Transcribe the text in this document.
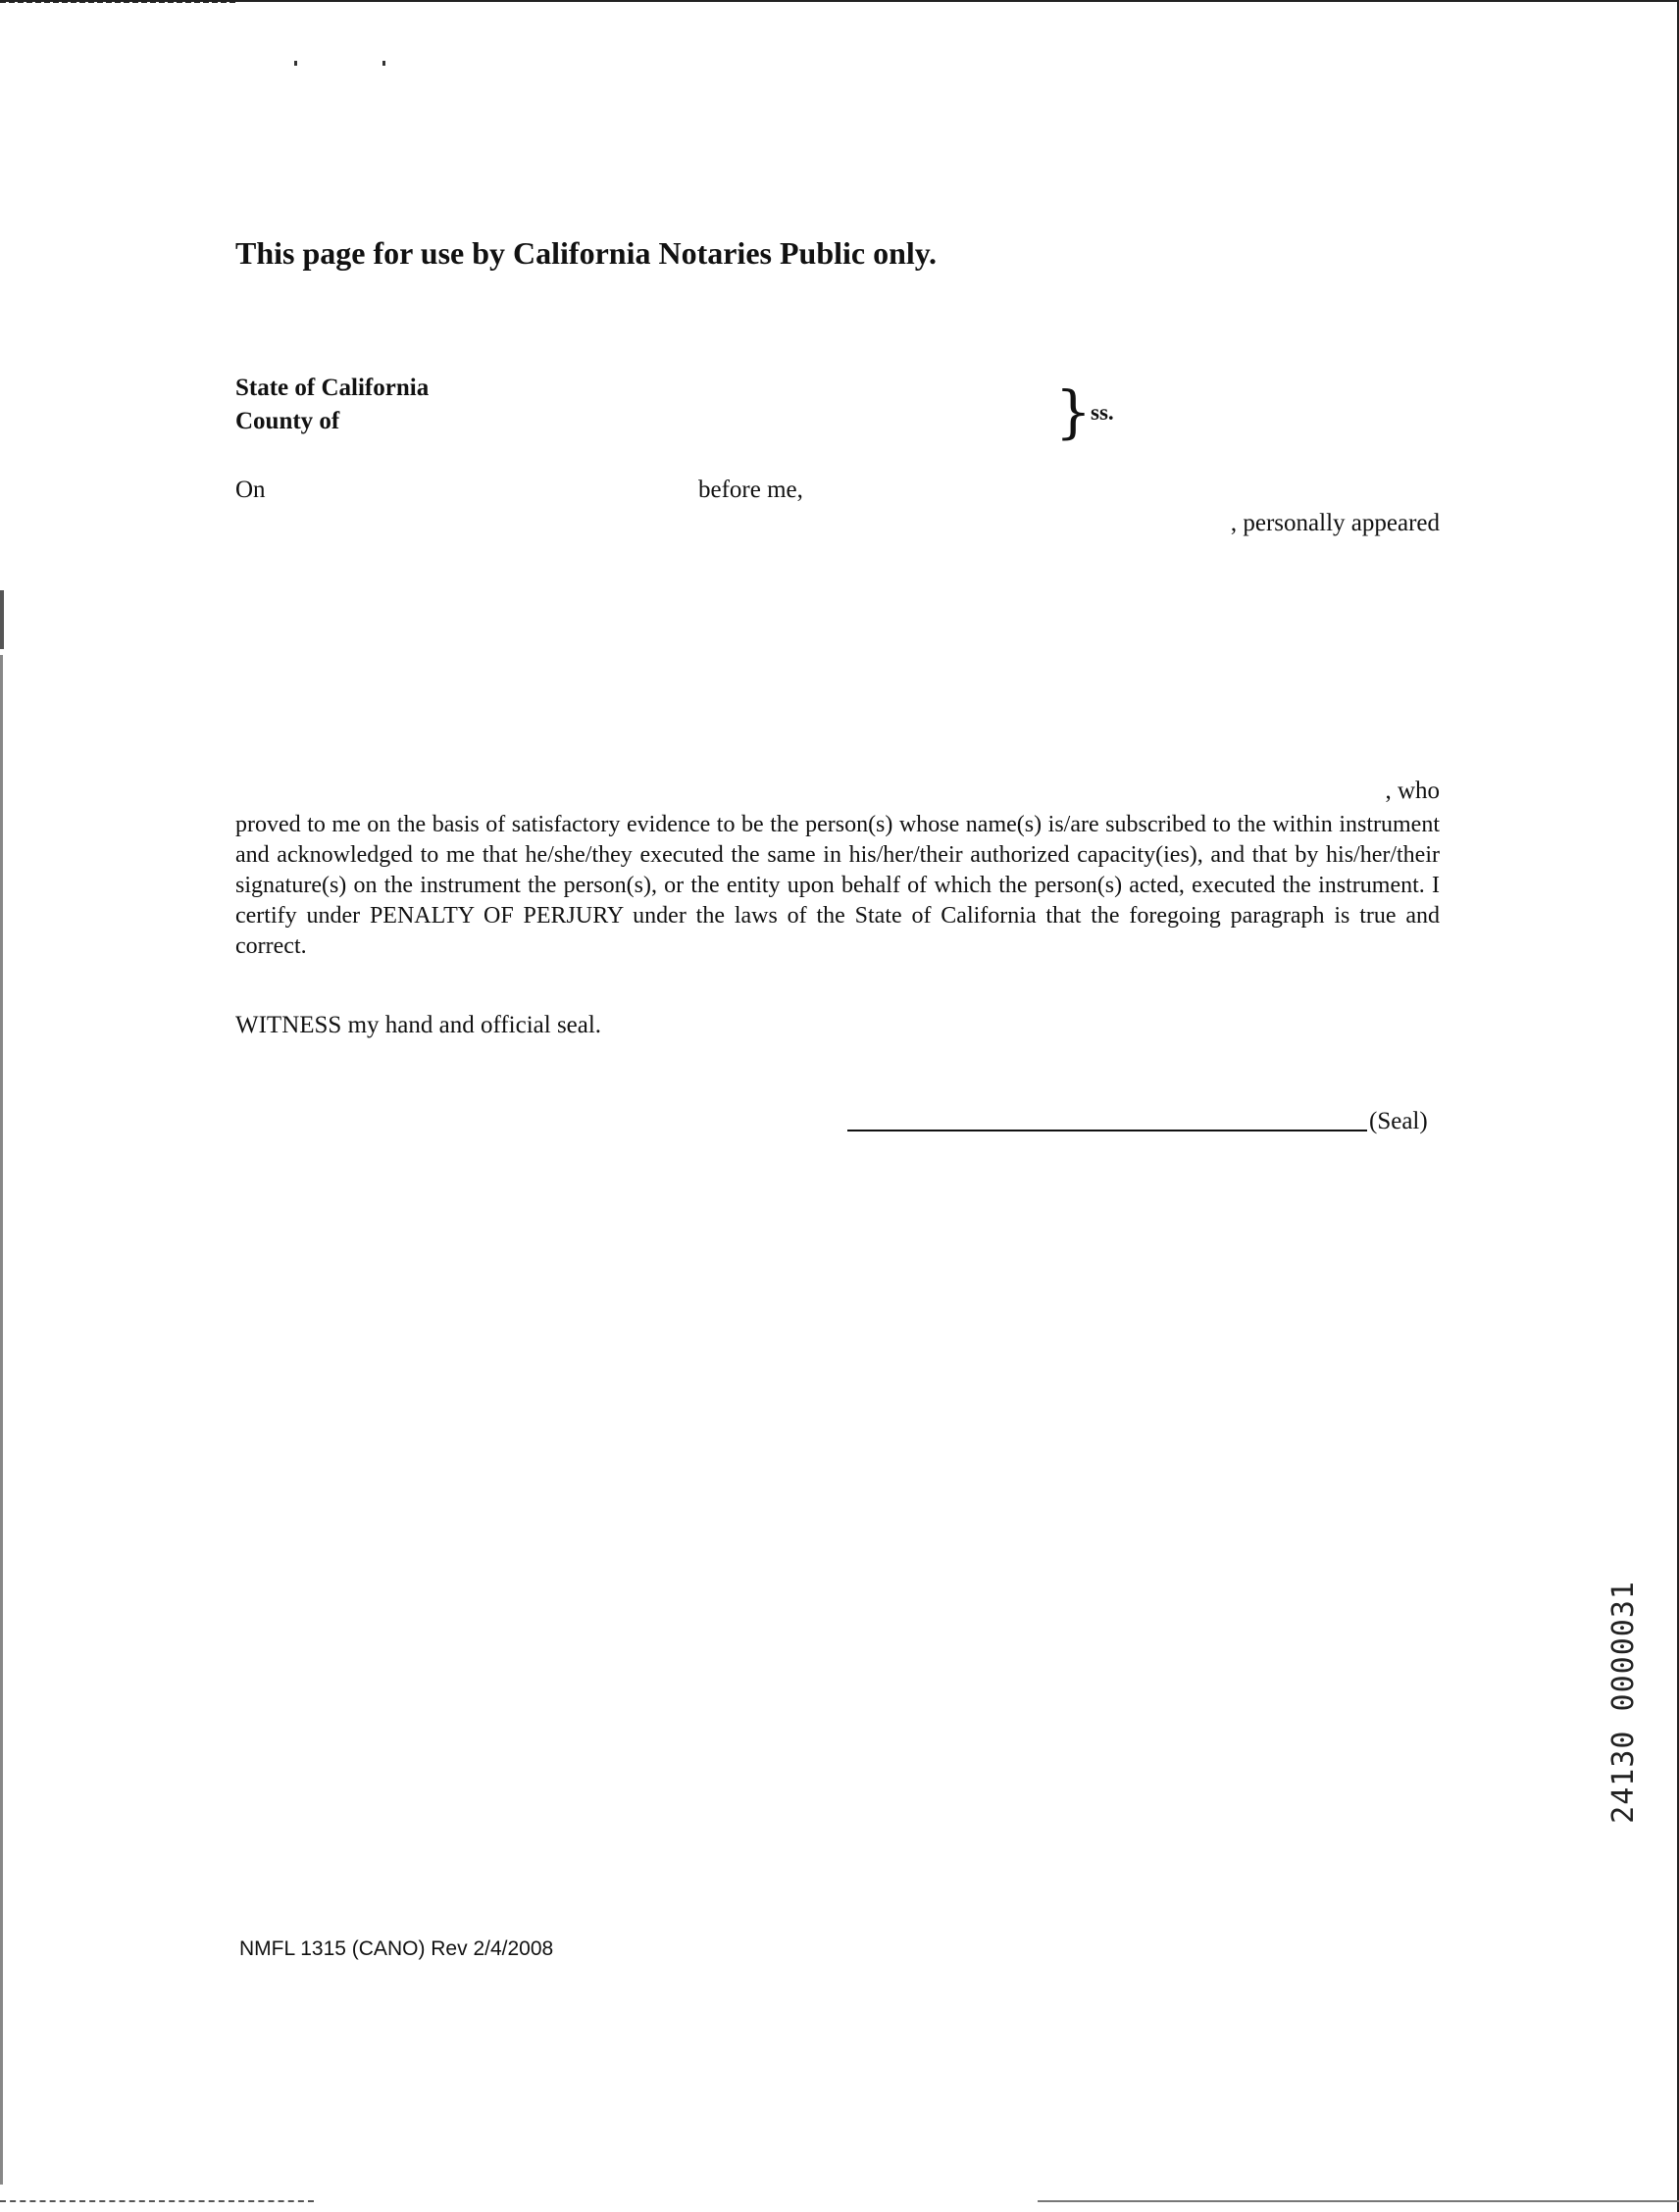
This page for use by California Notaries Public only.
State of California
County of	} ss.
On	before me,
, personally appeared
, who
proved to me on the basis of satisfactory evidence to be the person(s) whose name(s) is/are subscribed to the within instrument and acknowledged to me that he/she/they executed the same in his/her/their authorized capacity(ies), and that by his/her/their signature(s) on the instrument the person(s), or the entity upon behalf of which the person(s) acted, executed the instrument. I certify under PENALTY OF PERJURY under the laws of the State of California that the foregoing paragraph is true and correct.
WITNESS my hand and official seal.
(Seal)
24130 0000031
NMFL 1315 (CANO) Rev 2/4/2008
